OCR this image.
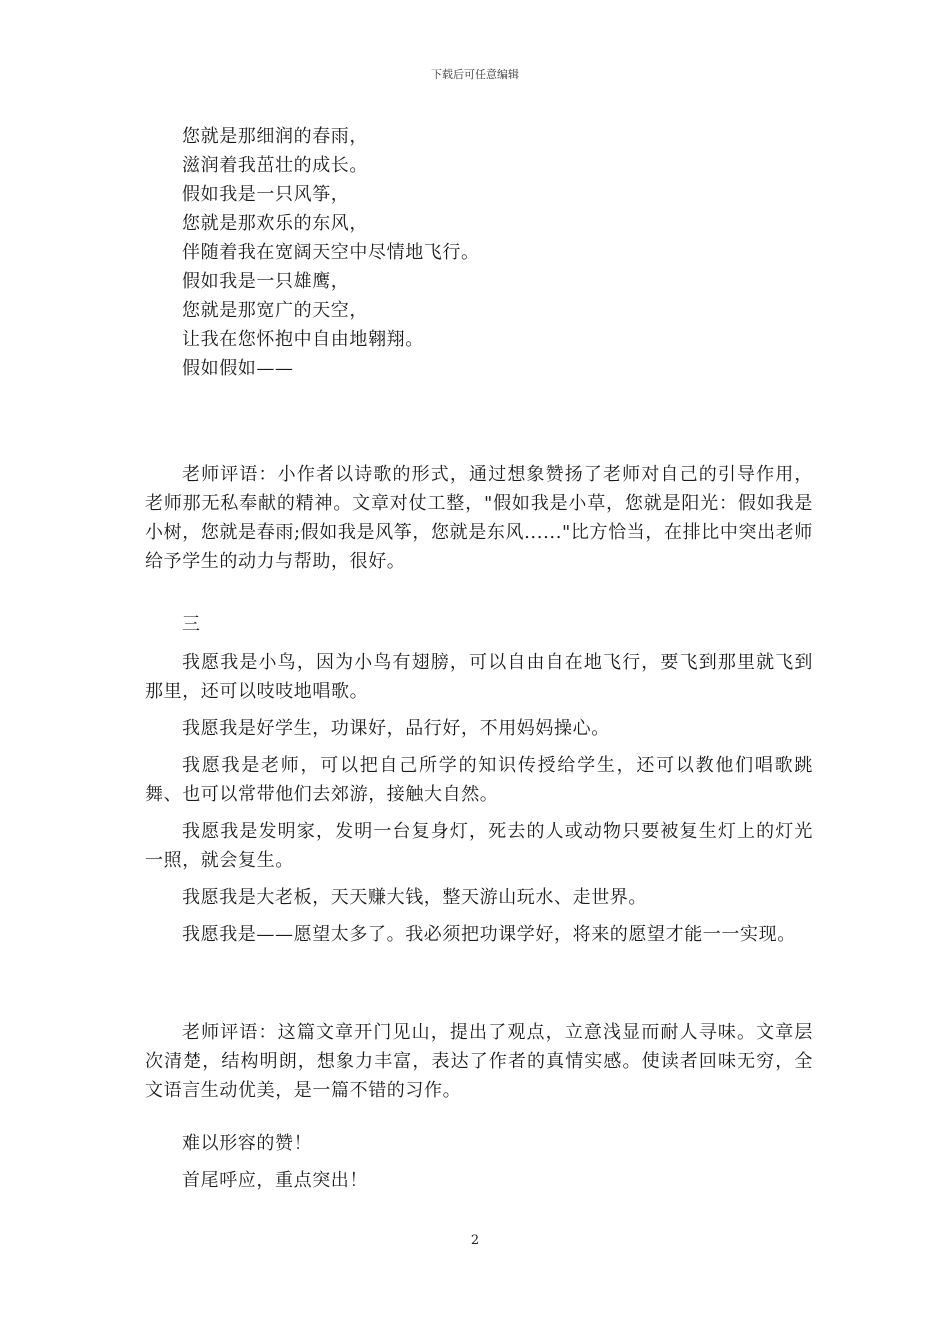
下载后可任意编辑
您就是那细润的春雨，
滋润着我茁壮的成长。
假如我是一只风筝，
您就是那欢乐的东风，
伴随着我在宽阔天空中尽情地飞行。
假如我是一只雄鹰，
您就是那宽广的天空，
让我在您怀抱中自由地翱翔。
假如假如——
老师评语：小作者以诗歌的形式，通过想象赞扬了老师对自己的引导作用，老师那无私奉献的精神。文章对仗工整，"假如我是小草，您就是阳光：假如我是小树，您就是春雨;假如我是风筝，您就是东风......"比方恰当，在排比中突出老师给予学生的动力与帮助，很好。
三
我愿我是小鸟，因为小鸟有翅膀，可以自由自在地飞行，要飞到那里就飞到那里，还可以吱吱地唱歌。
我愿我是好学生，功课好，品行好，不用妈妈操心。
我愿我是老师，可以把自己所学的知识传授给学生，还可以教他们唱歌跳舞、也可以常带他们去郊游，接触大自然。
我愿我是发明家，发明一台复身灯，死去的人或动物只要被复生灯上的灯光一照，就会复生。
我愿我是大老板，天天赚大钱，整天游山玩水、走世界。
我愿我是——愿望太多了。我必须把功课学好，将来的愿望才能一一实现。
老师评语：这篇文章开门见山，提出了观点，立意浅显而耐人寻味。文章层次清楚，结构明朗，想象力丰富，表达了作者的真情实感。使读者回味无穷，全文语言生动优美，是一篇不错的习作。
难以形容的赞！
首尾呼应，重点突出！
2
